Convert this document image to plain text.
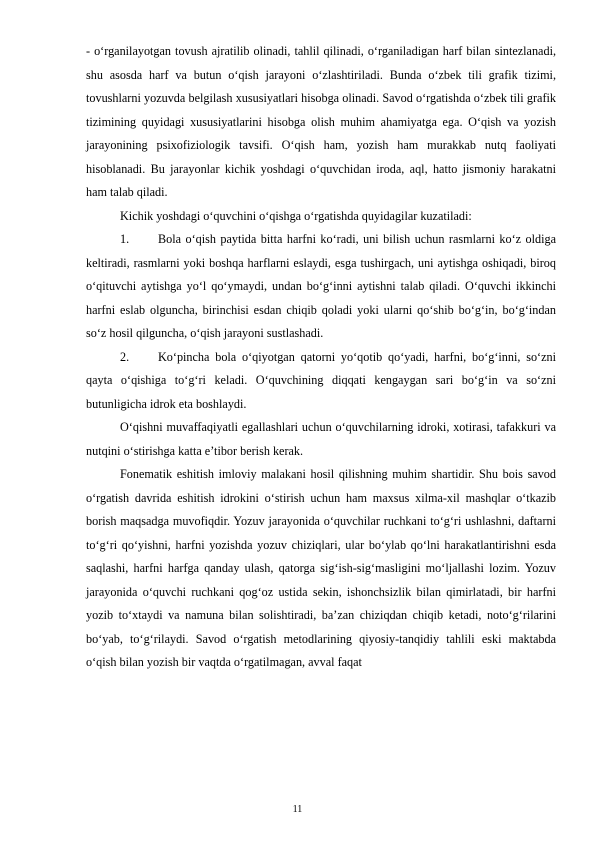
- o‘rganilayotgan tovush ajratilib olinadi, tahlil qilinadi, o‘rganiladigan harf bilan sintezlanadi, shu asosda harf va butun o‘qish jarayoni o‘zlashtiriladi. Bunda o‘zbek tili grafik tizimi, tovushlarni yozuvda belgilash xususiyatlari hisobga olinadi. Savod o‘rgatishda o‘zbek tili grafik tizimining quyidagi xususiyatlarini hisobga olish muhim ahamiyatga ega. O‘qish va yozish jarayonining psixofiziologik tavsifi. O‘qish ham, yozish ham murakkab nutq faoliyati hisoblanadi. Bu jarayonlar kichik yoshdagi o‘quvchidan iroda, aql, hatto jismoniy harakatni ham talab qiladi.

Kichik yoshdagi o‘quvchini o‘qishga o‘rgatishda quyidagilar kuzatiladi:

1. Bola o‘qish paytida bitta harfni ko‘radi, uni bilish uchun rasmlarni ko‘z oldiga keltiradi, rasmlarni yoki boshqa harflarni eslaydi, esga tushirgach, uni aytishga oshiqadi, biroq o‘qituvchi aytishga yo‘l qo‘ymaydi, undan bo‘g‘inni aytishni talab qiladi. O‘quvchi ikkinchi harfni eslab olguncha, birinchisi esdan chiqib qoladi yoki ularni qo‘shib bo‘g‘in, bo‘g‘indan so‘z hosil qilguncha, o‘qish jarayoni sustlashadi.

2. Ko‘pincha bola o‘qiyotgan qatorni yo‘qotib qo‘yadi, harfni, bo‘g‘inni, so‘zni qayta o‘qishiga to‘g‘ri keladi. O‘quvchining diqqati kengaygan sari bo‘g‘in va so‘zni butunligicha idrok eta boshlaydi.

O‘qishni muvaffaqiyatli egallashlari uchun o‘quvchilarning idroki, xotirasi, tafakkuri va nutqini o‘stirishga katta e’tibor berish kerak.

Fonematik eshitish imloviy malakani hosil qilishning muhim shartidir. Shu bois savod o‘rgatish davrida eshitish idrokini o‘stirish uchun ham maxsus xilma-xil mashqlar o‘tkazib borish maqsadga muvofiqdir. Yozuv jarayonida o‘quvchilar ruchkani to‘g‘ri ushlashni, daftarni to‘g‘ri qo‘yishni, harfni yozishda yozuv chiziqlari, ular bo‘ylab qo‘lni harakatlantirishni esda saqlashi, harfni harfga qanday ulash, qatorga sig‘ish-sig‘masligini mo‘ljallashi lozim. Yozuv jarayonida o‘quvchi ruchkani qog‘oz ustida sekin, ishonchsizlik bilan qimirlatadi, bir harfni yozib to‘xtaydi va namuna bilan solishtiradi, ba’zan chiziqdan chiqib ketadi, noto‘g‘rilarini bo‘yab, to‘g‘rilaydi. Savod o‘rgatish metodlarining qiyosiy-tanqidiy tahlili eski maktabda o‘qish bilan yozish bir vaqtda o‘rgatilmagan, avval faqat

11
